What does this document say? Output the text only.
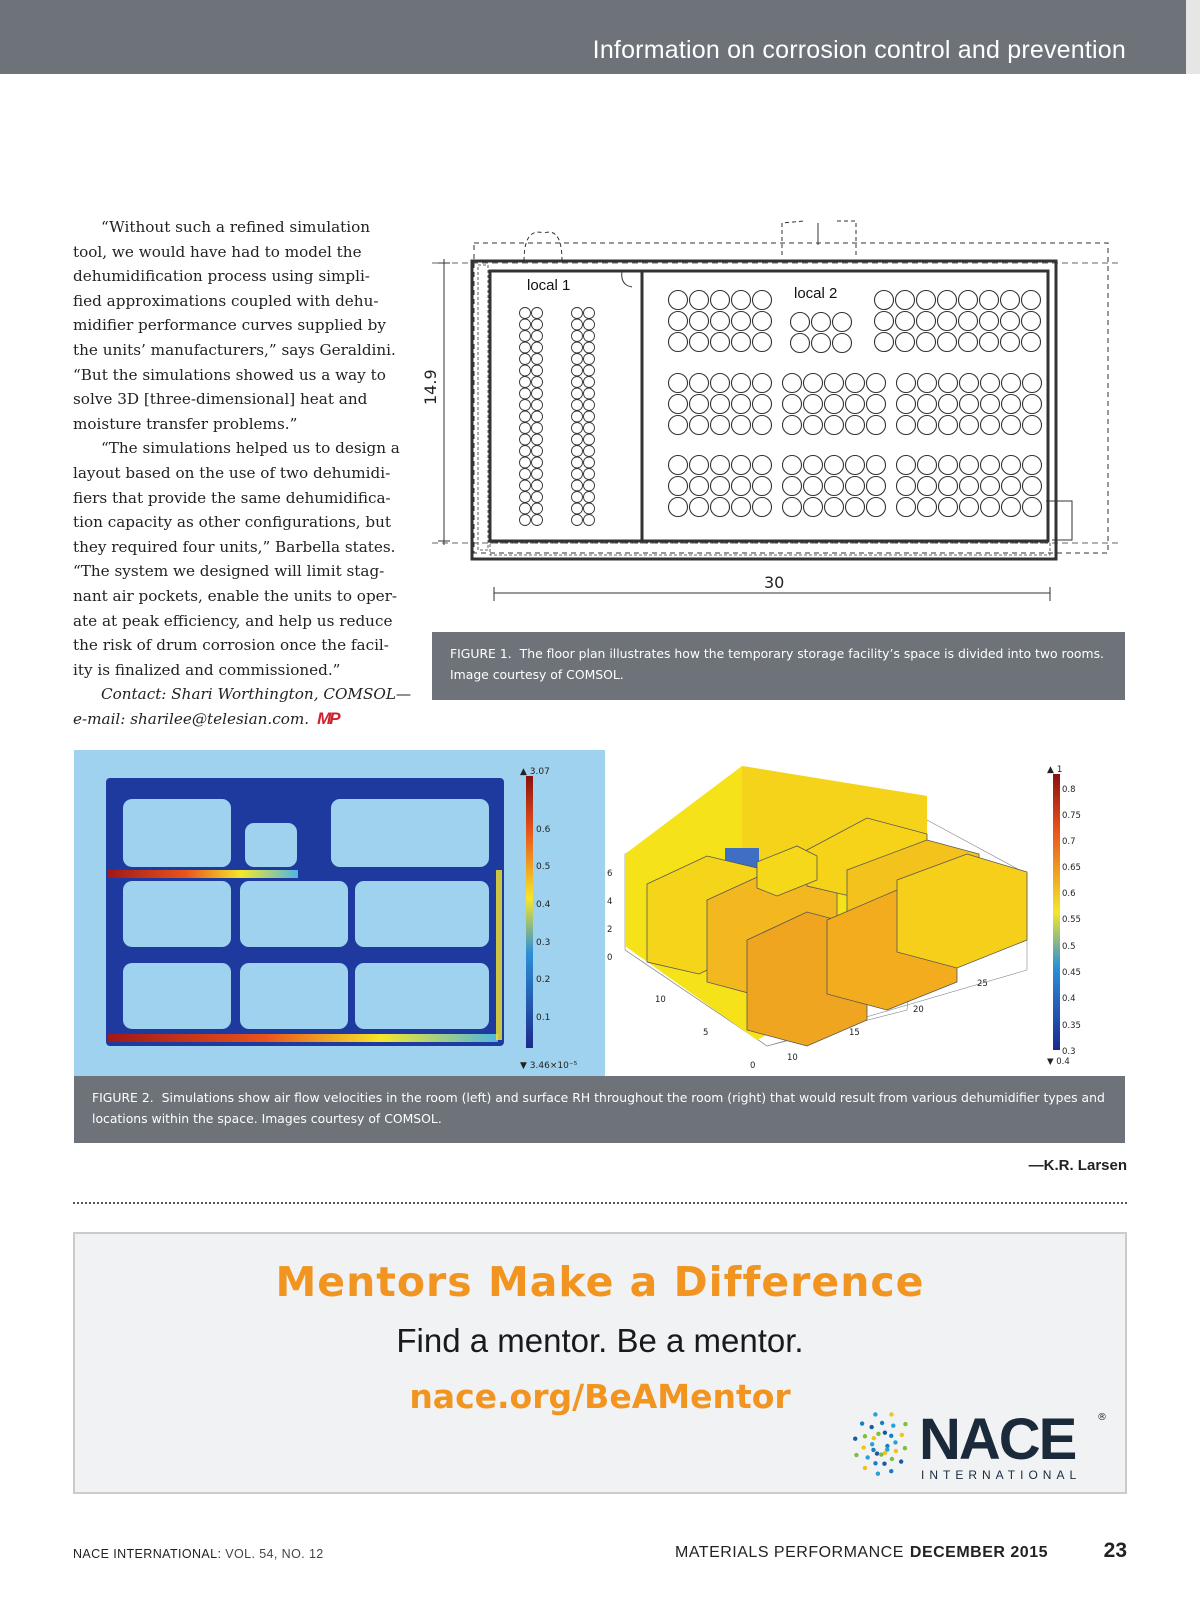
Information on corrosion control and prevention
“Without such a refined simulation
tool, we would have had to model the
dehumidification process using simpli-
fied approximations coupled with dehu-
midifier performance curves supplied by
the units’ manufacturers,” says Geraldini.
“But the simulations showed us a way to
solve 3D [three-dimensional] heat and
moisture transfer problems.”
“The simulations helped us to design a
layout based on the use of two dehumidi-
fiers that provide the same dehumidifica-
tion capacity as other configurations, but
they required four units,” Barbella states.
“The system we designed will limit stag-
nant air pockets, enable the units to oper-
ate at peak efficiency, and help us reduce
the risk of drum corrosion once the facil-
ity is finalized and commissioned.”
Contact: Shari Worthington, COMSOL—
e-mail: sharilee@telesian.com. MP
14.9
30
local 1	local 2
FIGURE 1. The floor plan illustrates how the temporary storage facility’s space is divided into two rooms. Image courtesy of COMSOL.
▲ 3.07
0.6
0.5
0.4
0.3
0.2
0.1
▼ 3.46×10⁻⁵
▲ 1
0.8
0.75
0.7
0.65
0.6
0.55
0.5
0.45
0.4
0.35
0.3
▼ 0.4
6
4
2
0
10
5
0
10
15
20
25
FIGURE 2. Simulations show air flow velocities in the room (left) and surface RH throughout the room (right) that would result from various dehumidifier types and locations within the space. Images courtesy of COMSOL.
—K.R. Larsen
Mentors Make a Difference
Find a mentor. Be a mentor.
nace.org/BeAMentor
NACE ®
INTERNATIONAL
NACE INTERNATIONAL: VOL. 54, NO. 12	MATERIALS PERFORMANCE DECEMBER 2015	23
